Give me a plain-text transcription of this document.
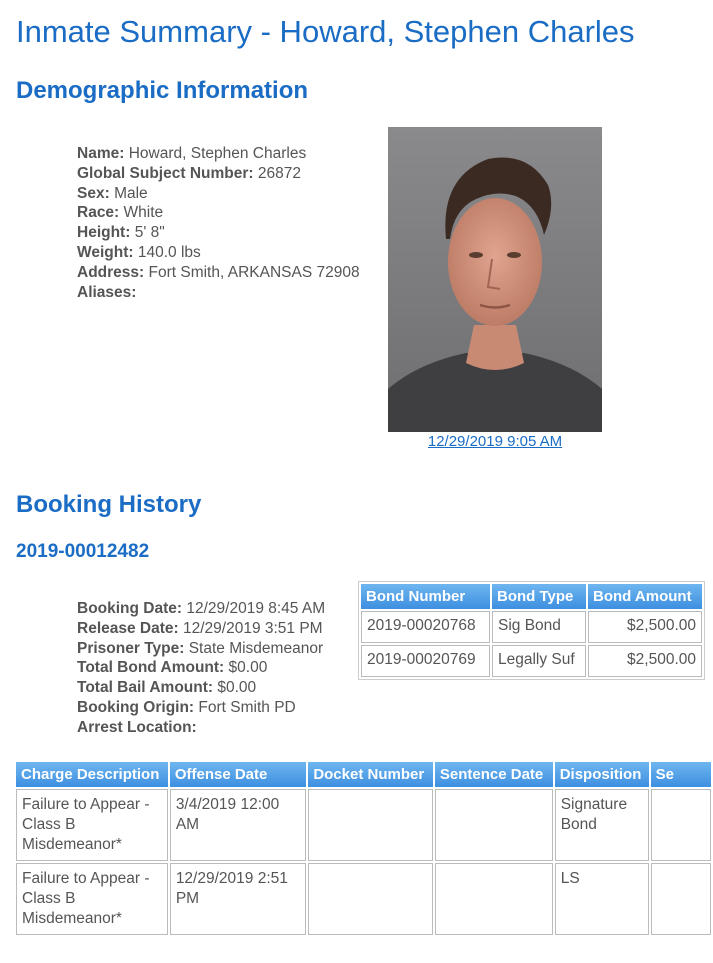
Inmate Summary - Howard, Stephen Charles
Demographic Information
Name: Howard, Stephen Charles
Global Subject Number: 26872
Sex: Male
Race: White
Height: 5' 8"
Weight: 140.0 lbs
Address: Fort Smith, ARKANSAS 72908
Aliases:
12/29/2019 9:05 AM
Booking History
2019-00012482
Booking Date: 12/29/2019 8:45 AM
Release Date: 12/29/2019 3:51 PM
Prisoner Type: State Misdemeanor
Total Bond Amount: $0.00
Total Bail Amount: $0.00
Booking Origin: Fort Smith PD
Arrest Location:
Bond Number	Bond Type	Bond Amount
2019-00020768	Sig Bond	$2,500.00
2019-00020769	Legally Suf	$2,500.00
Charge Description	Offense Date	Docket Number	Sentence Date	Disposition	Se
Failure to Appear - Class B Misdemeanor*	3/4/2019 12:00 AM			Signature Bond	
Failure to Appear - Class B Misdemeanor*	12/29/2019 2:51 PM			LS	
